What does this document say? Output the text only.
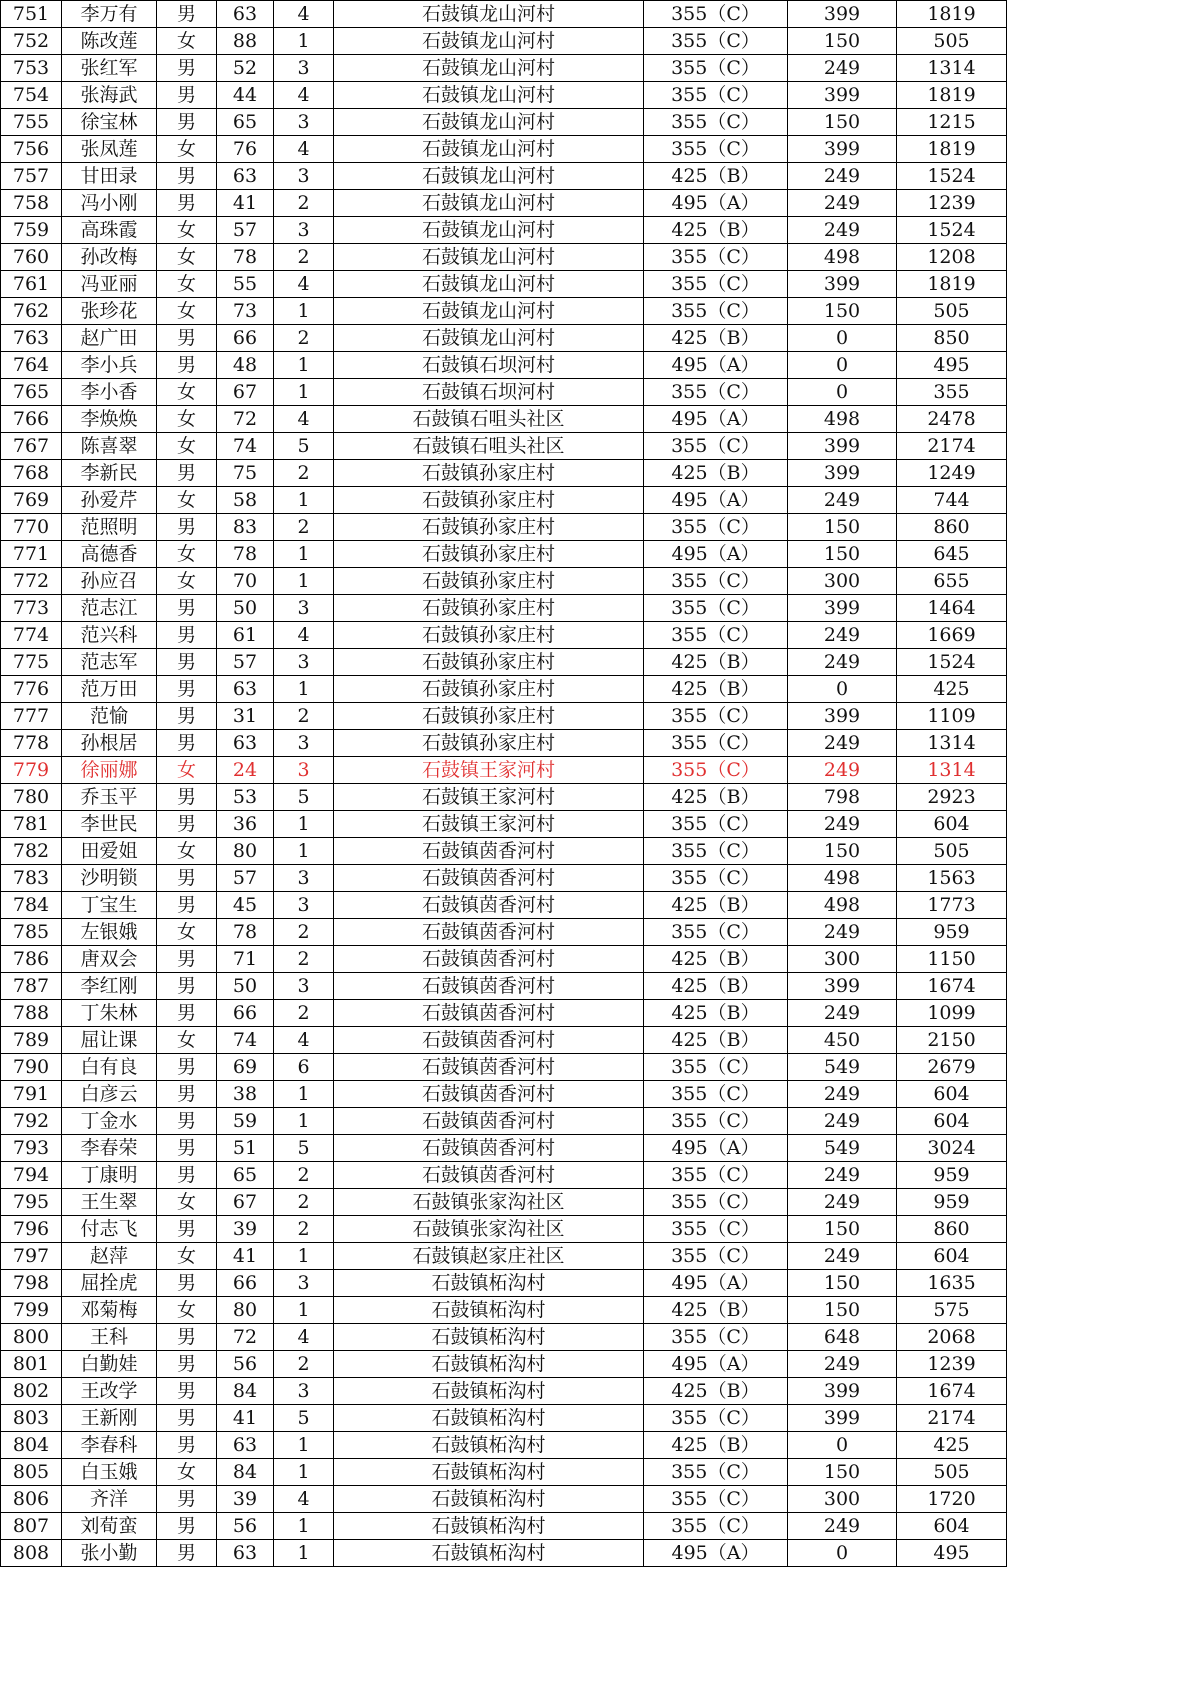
751	李万有	男	63	4	石鼓镇龙山河村	355（C）	399	1819
752	陈改莲	女	88	1	石鼓镇龙山河村	355（C）	150	505
753	张红军	男	52	3	石鼓镇龙山河村	355（C）	249	1314
754	张海武	男	44	4	石鼓镇龙山河村	355（C）	399	1819
755	徐宝林	男	65	3	石鼓镇龙山河村	355（C）	150	1215
756	张凤莲	女	76	4	石鼓镇龙山河村	355（C）	399	1819
757	甘田录	男	63	3	石鼓镇龙山河村	425（B）	249	1524
758	冯小刚	男	41	2	石鼓镇龙山河村	495（A）	249	1239
759	高珠霞	女	57	3	石鼓镇龙山河村	425（B）	249	1524
760	孙改梅	女	78	2	石鼓镇龙山河村	355（C）	498	1208
761	冯亚丽	女	55	4	石鼓镇龙山河村	355（C）	399	1819
762	张珍花	女	73	1	石鼓镇龙山河村	355（C）	150	505
763	赵广田	男	66	2	石鼓镇龙山河村	425（B）	0	850
764	李小兵	男	48	1	石鼓镇石坝河村	495（A）	0	495
765	李小香	女	67	1	石鼓镇石坝河村	355（C）	0	355
766	李焕焕	女	72	4	石鼓镇石咀头社区	495（A）	498	2478
767	陈喜翠	女	74	5	石鼓镇石咀头社区	355（C）	399	2174
768	李新民	男	75	2	石鼓镇孙家庄村	425（B）	399	1249
769	孙爱芹	女	58	1	石鼓镇孙家庄村	495（A）	249	744
770	范照明	男	83	2	石鼓镇孙家庄村	355（C）	150	860
771	高德香	女	78	1	石鼓镇孙家庄村	495（A）	150	645
772	孙应召	女	70	1	石鼓镇孙家庄村	355（C）	300	655
773	范志江	男	50	3	石鼓镇孙家庄村	355（C）	399	1464
774	范兴科	男	61	4	石鼓镇孙家庄村	355（C）	249	1669
775	范志军	男	57	3	石鼓镇孙家庄村	425（B）	249	1524
776	范万田	男	63	1	石鼓镇孙家庄村	425（B）	0	425
777	范愉	男	31	2	石鼓镇孙家庄村	355（C）	399	1109
778	孙根居	男	63	3	石鼓镇孙家庄村	355（C）	249	1314
779	徐丽娜	女	24	3	石鼓镇王家河村	355（C）	249	1314
780	乔玉平	男	53	5	石鼓镇王家河村	425（B）	798	2923
781	李世民	男	36	1	石鼓镇王家河村	355（C）	249	604
782	田爱姐	女	80	1	石鼓镇茵香河村	355（C）	150	505
783	沙明锁	男	57	3	石鼓镇茵香河村	355（C）	498	1563
784	丁宝生	男	45	3	石鼓镇茵香河村	425（B）	498	1773
785	左银娥	女	78	2	石鼓镇茵香河村	355（C）	249	959
786	唐双会	男	71	2	石鼓镇茵香河村	425（B）	300	1150
787	李红刚	男	50	3	石鼓镇茵香河村	425（B）	399	1674
788	丁朱林	男	66	2	石鼓镇茵香河村	425（B）	249	1099
789	屈让课	女	74	4	石鼓镇茵香河村	425（B）	450	2150
790	白有良	男	69	6	石鼓镇茵香河村	355（C）	549	2679
791	白彦云	男	38	1	石鼓镇茵香河村	355（C）	249	604
792	丁金水	男	59	1	石鼓镇茵香河村	355（C）	249	604
793	李春荣	男	51	5	石鼓镇茵香河村	495（A）	549	3024
794	丁康明	男	65	2	石鼓镇茵香河村	355（C）	249	959
795	王生翠	女	67	2	石鼓镇张家沟社区	355（C）	249	959
796	付志飞	男	39	2	石鼓镇张家沟社区	355（C）	150	860
797	赵萍	女	41	1	石鼓镇赵家庄社区	355（C）	249	604
798	屈拴虎	男	66	3	石鼓镇柘沟村	495（A）	150	1635
799	邓菊梅	女	80	1	石鼓镇柘沟村	425（B）	150	575
800	王科	男	72	4	石鼓镇柘沟村	355（C）	648	2068
801	白勤娃	男	56	2	石鼓镇柘沟村	495（A）	249	1239
802	王改学	男	84	3	石鼓镇柘沟村	425（B）	399	1674
803	王新刚	男	41	5	石鼓镇柘沟村	355（C）	399	2174
804	李春科	男	63	1	石鼓镇柘沟村	425（B）	0	425
805	白玉娥	女	84	1	石鼓镇柘沟村	355（C）	150	505
806	齐洋	男	39	4	石鼓镇柘沟村	355（C）	300	1720
807	刘荀蛮	男	56	1	石鼓镇柘沟村	355（C）	249	604
808	张小勤	男	63	1	石鼓镇柘沟村	495（A）	0	495
